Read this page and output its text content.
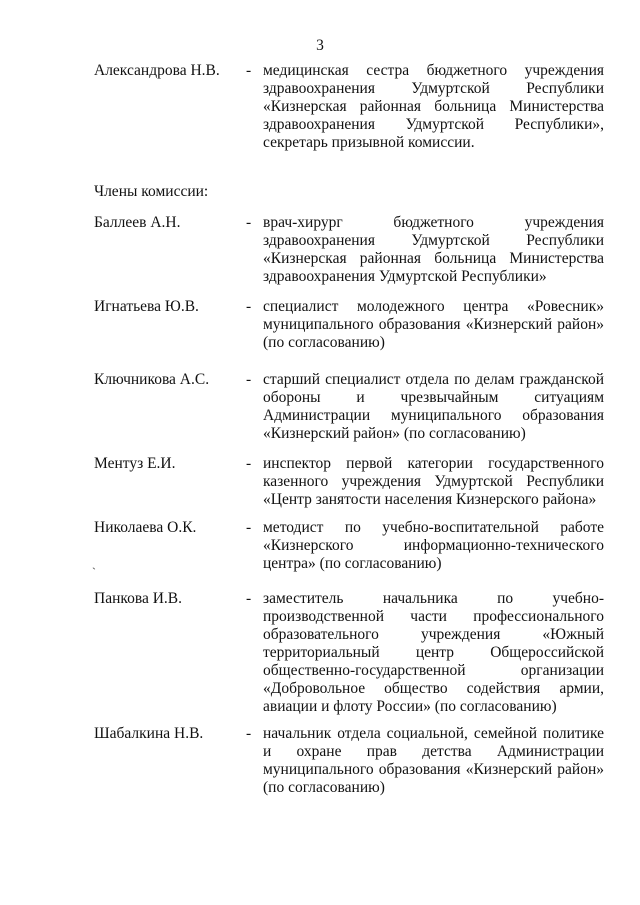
3
Александрова Н.В. - медицинская сестра бюджетного учреждения здравоохранения Удмуртской Республики «Кизнерская районная больница Министерства здравоохранения Удмуртской Республики», секретарь призывной комиссии.
Члены комиссии:
Баллеев А.Н.	- врач-хирург бюджетного учреждения здравоохранения Удмуртской Республики «Кизнерская районная больница Министерства здравоохранения Удмуртской Республики»
Игнатьева Ю.В.	- специалист молодежного центра «Ровесник» муниципального образования «Кизнерский район» (по согласованию)
Ключникова А.С. - старший специалист отдела по делам гражданской обороны и чрезвычайным ситуациям Администрации муниципального образования «Кизнерский район» (по согласованию)
Ментуз Е.И.	- инспектор первой категории государственного казенного учреждения Удмуртской Республики «Центр занятости населения Кизнерского района»
Николаева О.К.	- методист по учебно-воспитательной работе «Кизнерского информационно-технического центра» (по согласованию)
`
Панкова И.В.	- заместитель начальника по учебно-производственной части профессионального образовательного учреждения «Южный территориальный центр Общероссийской общественно-государственной организации «Добровольное общество содействия армии, авиации и флоту России» (по согласованию)
Шабалкина Н.В.	- начальник отдела социальной, семейной политике и охране прав детства Администрации муниципального образования «Кизнерский район» (по согласованию)
